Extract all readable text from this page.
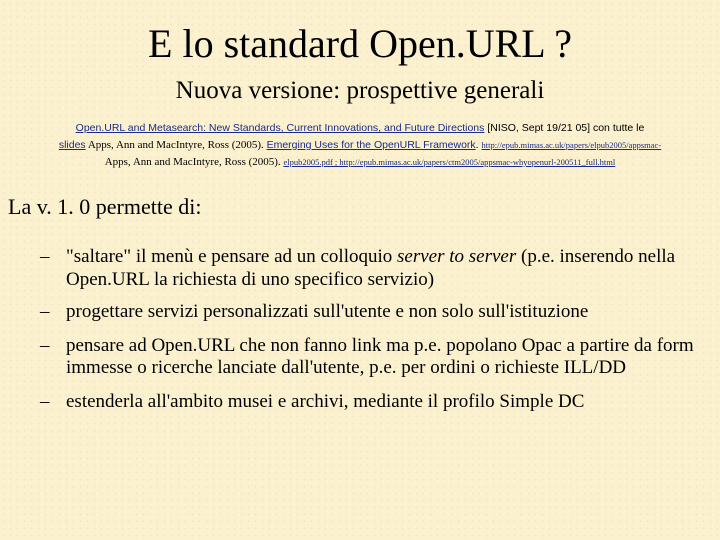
E lo standard Open.URL ?
Nuova versione: prospettive generali
Open.URL and Metasearch: New Standards, Current Innovations, and Future Directions [NISO, Sept 19/21 05] con tutte le
slides Apps, Ann and MacIntyre, Ross (2005). Emerging Uses for the OpenURL Framework. http://epub.mimas.ac.uk/papers/elpub2005/appsmac-
Apps, Ann and MacIntyre, Ross (2005). elpub2005.pdf ; http://epub.mimas.ac.uk/papers/ctm2005/appsmac-whyopenurl-200511_full.html
La v. 1. 0 permette di:
– "saltare" il menù e pensare ad un colloquio server to server (p.e. inserendo nella Open.URL la richiesta di uno specifico servizio)
– progettare servizi personalizzati sull'utente e non solo sull'istituzione
– pensare ad Open.URL che non fanno link ma p.e. popolano Opac a partire da form immesse o ricerche lanciate dall'utente, p.e. per ordini o richieste ILL/DD
– estenderla all'ambito musei e archivi, mediante il profilo Simple DC
